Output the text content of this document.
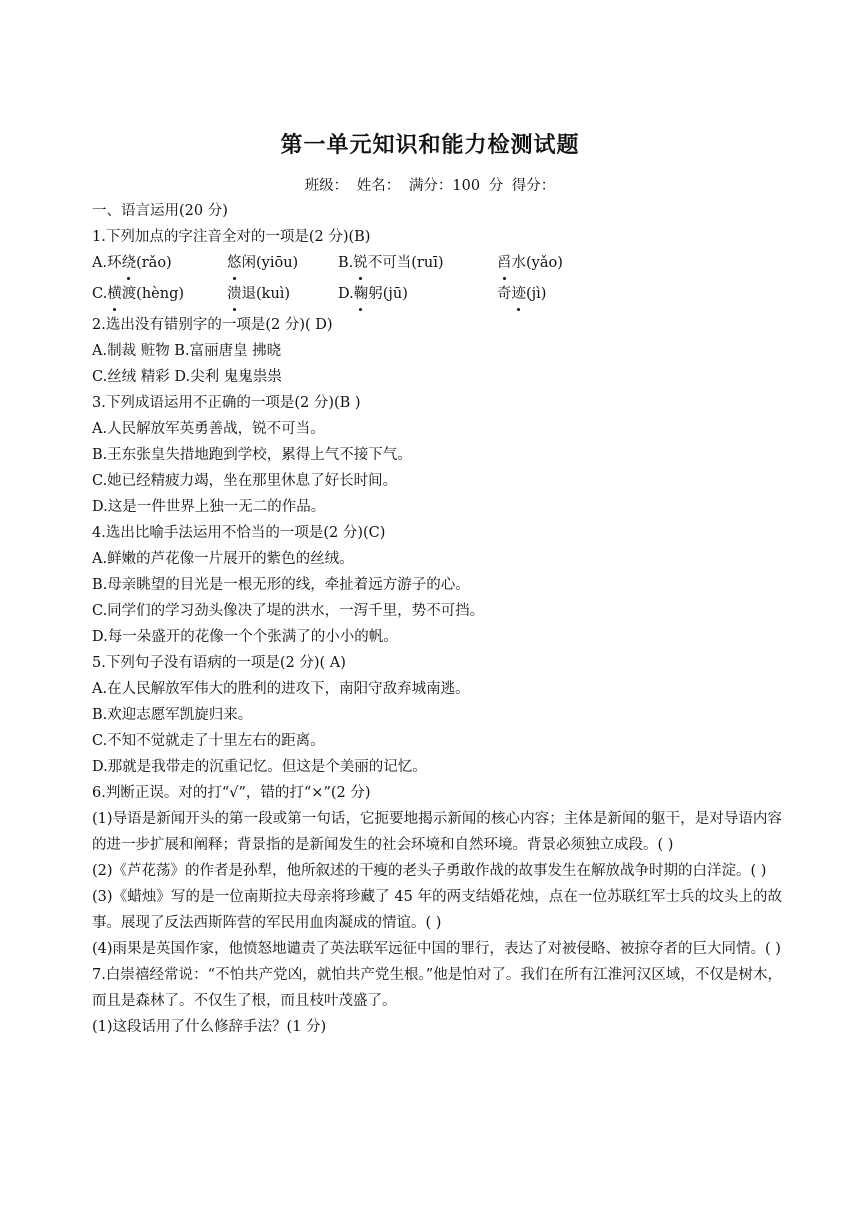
第一单元知识和能力检测试题
班级： 姓名： 满分：100 分 得分：
一、语言运用(20 分)
1.下列加点的字注音全对的一项是(2 分)(B)
A.环绕(rǎo)	悠闲(yiōu)	B.锐不可当(ruī)	舀水(yǎo)
C.横渡(hèng)	溃退(kuì)	D.鞠躬(jū)	奇迹(jì)
2.选出没有错别字的一项是(2 分)( D)
A.制裁 赃物 B.富丽唐皇 拂晓
C.丝绒 精彩 D.尖利 鬼鬼祟祟
3.下列成语运用不正确的一项是(2 分)(B )
A.人民解放军英勇善战，锐不可当。
B.王东张皇失措地跑到学校，累得上气不接下气。
C.她已经精疲力竭，坐在那里休息了好长时间。
D.这是一件世界上独一无二的作品。
4.选出比喻手法运用不恰当的一项是(2 分)(C)
A.鲜嫩的芦花像一片展开的紫色的丝绒。
B.母亲眺望的目光是一根无形的线，牵扯着远方游子的心。
C.同学们的学习劲头像决了堤的洪水，一泻千里，势不可挡。
D.每一朵盛开的花像一个个张满了的小小的帆。
5.下列句子没有语病的一项是(2 分)( A)
A.在人民解放军伟大的胜利的进攻下，南阳守敌弃城南逃。
B.欢迎志愿军凯旋归来。
C.不知不觉就走了十里左右的距离。
D.那就是我带走的沉重记忆。但这是个美丽的记忆。
6.判断正误。对的打“√”，错的打“×”(2 分)
(1)导语是新闻开头的第一段或第一句话，它扼要地揭示新闻的核心内容；主体是新闻的躯干，是对导语内容的进一步扩展和阐释；背景指的是新闻发生的社会环境和自然环境。背景必须独立成段。( )
(2)《芦花荡》的作者是孙犁，他所叙述的干瘦的老头子勇敢作战的故事发生在解放战争时期的白洋淀。( )
(3)《蜡烛》写的是一位南斯拉夫母亲将珍藏了 45 年的两支结婚花烛，点在一位苏联红军士兵的坟头上的故事。展现了反法西斯阵营的军民用血肉凝成的情谊。( )
(4)雨果是英国作家，他愤怒地谴责了英法联军远征中国的罪行，表达了对被侵略、被掠夺者的巨大同情。( )
7.白崇禧经常说：“不怕共产党凶，就怕共产党生根。”他是怕对了。我们在所有江淮河汉区域，不仅是树木，而且是森林了。不仅生了根，而且枝叶茂盛了。
(1)这段话用了什么修辞手法？(1 分)
